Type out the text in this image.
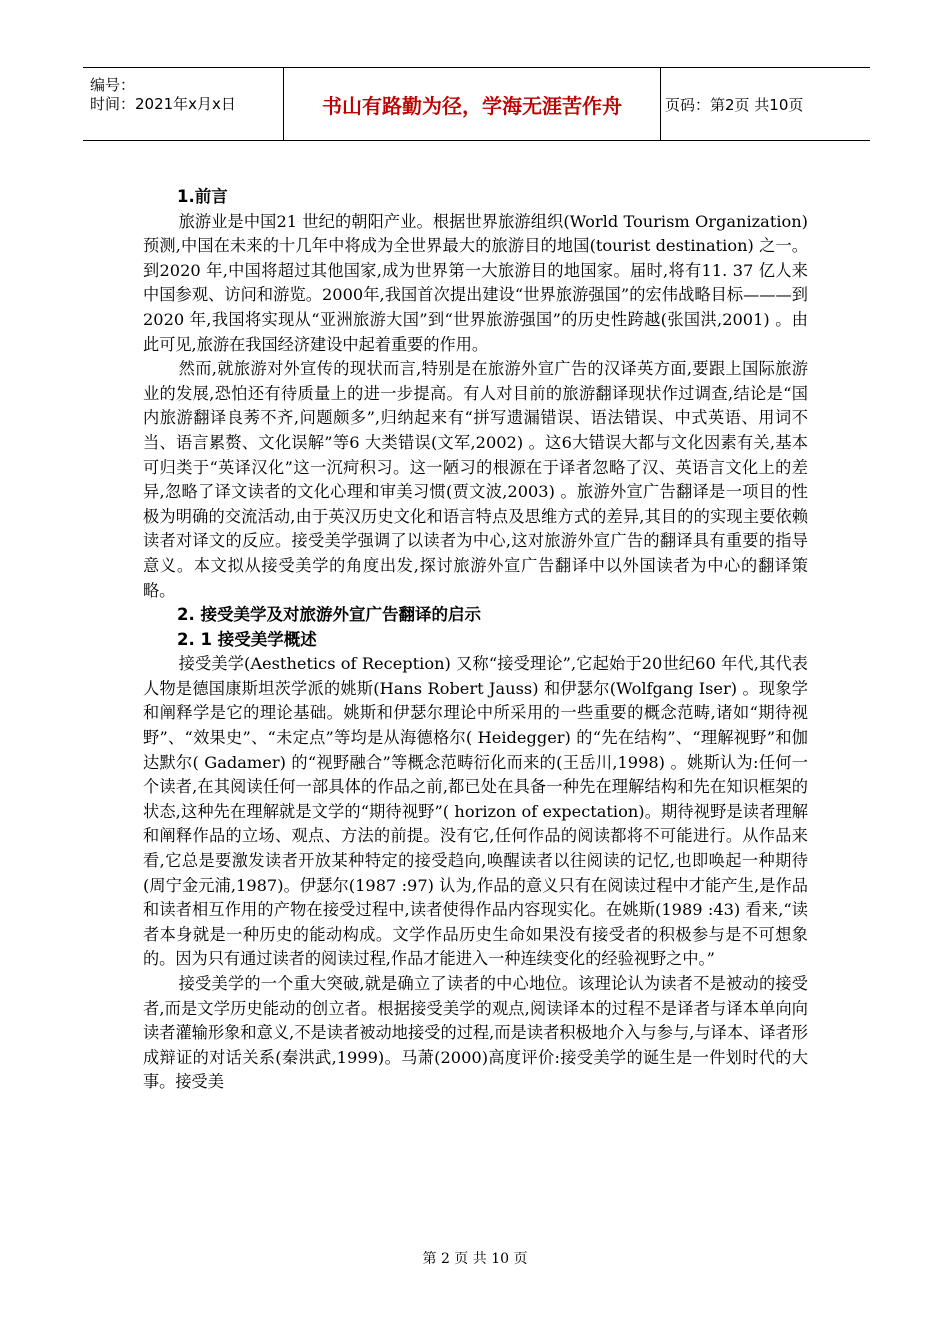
编号：
时间：2021年x月x日	书山有路勤为径，学海无涯苦作舟	页码：第2页 共10页
1.前言

旅游业是中国21 世纪的朝阳产业。根据世界旅游组织(World Tourism Organization) 预测,中国在未来的十几年中将成为全世界最大的旅游目的地国(tourist destination) 之一。到2020 年,中国将超过其他国家,成为世界第一大旅游目的地国家。届时,将有11. 37 亿人来中国参观、访问和游览。2000年,我国首次提出建设“世界旅游强国”的宏伟战略目标———到2020 年,我国将实现从“亚洲旅游大国”到“世界旅游强国”的历史性跨越(张国洪,2001) 。由此可见,旅游在我国经济建设中起着重要的作用。

然而,就旅游对外宣传的现状而言,特别是在旅游外宣广告的汉译英方面,要跟上国际旅游业的发展,恐怕还有待质量上的进一步提高。有人对目前的旅游翻译现状作过调查,结论是“国内旅游翻译良莠不齐,问题颇多”,归纳起来有“拼写遗漏错误、语法错误、中式英语、用词不当、语言累赘、文化误解”等6 大类错误(文军,2002) 。这6大错误大都与文化因素有关,基本可归类于“英译汉化”这一沉疴积习。这一陋习的根源在于译者忽略了汉、英语言文化上的差异,忽略了译文读者的文化心理和审美习惯(贾文波,2003) 。旅游外宣广告翻译是一项目的性极为明确的交流活动,由于英汉历史文化和语言特点及思维方式的差异,其目的的实现主要依赖读者对译文的反应。接受美学强调了以读者为中心,这对旅游外宣广告的翻译具有重要的指导意义。本文拟从接受美学的角度出发,探讨旅游外宣广告翻译中以外国读者为中心的翻译策略。

2. 接受美学及对旅游外宣广告翻译的启示
2. 1 接受美学概述

接受美学(Aesthetics of Reception) 又称“接受理论”,它起始于20世纪60 年代,其代表人物是德国康斯坦茨学派的姚斯(Hans Robert Jauss) 和伊瑟尔(Wolfgang Iser) 。现象学和阐释学是它的理论基础。姚斯和伊瑟尔理论中所采用的一些重要的概念范畴,诸如“期待视野”、“效果史”、“未定点”等均是从海德格尔( Heidegger) 的“先在结构”、“理解视野”和伽达默尔( Gadamer) 的“视野融合”等概念范畴衍化而来的(王岳川,1998) 。姚斯认为:任何一个读者,在其阅读任何一部具体的作品之前,都已处在具备一种先在理解结构和先在知识框架的状态,这种先在理解就是文学的“期待视野”( horizon of expectation)。期待视野是读者理解和阐释作品的立场、观点、方法的前提。没有它,任何作品的阅读都将不可能进行。从作品来看,它总是要激发读者开放某种特定的接受趋向,唤醒读者以往阅读的记忆,也即唤起一种期待(周宁金元浦,1987)。伊瑟尔(1987 :97) 认为,作品的意义只有在阅读过程中才能产生,是作品和读者相互作用的产物在接受过程中,读者使得作品内容现实化。在姚斯(1989 :43) 看来,“读者本身就是一种历史的能动构成。文学作品历史生命如果没有接受者的积极参与是不可想象的。因为只有通过读者的阅读过程,作品才能进入一种连续变化的经验视野之中。”

接受美学的一个重大突破,就是确立了读者的中心地位。该理论认为读者不是被动的接受者,而是文学历史能动的创立者。根据接受美学的观点,阅读译本的过程不是译者与译本单向向读者灌输形象和意义,不是读者被动地接受的过程,而是读者积极地介入与参与,与译本、译者形成辩证的对话关系(秦洪武,1999)。马萧(2000)高度评价:接受美学的诞生是一件划时代的大事。接受美

第 2 页 共 10 页
